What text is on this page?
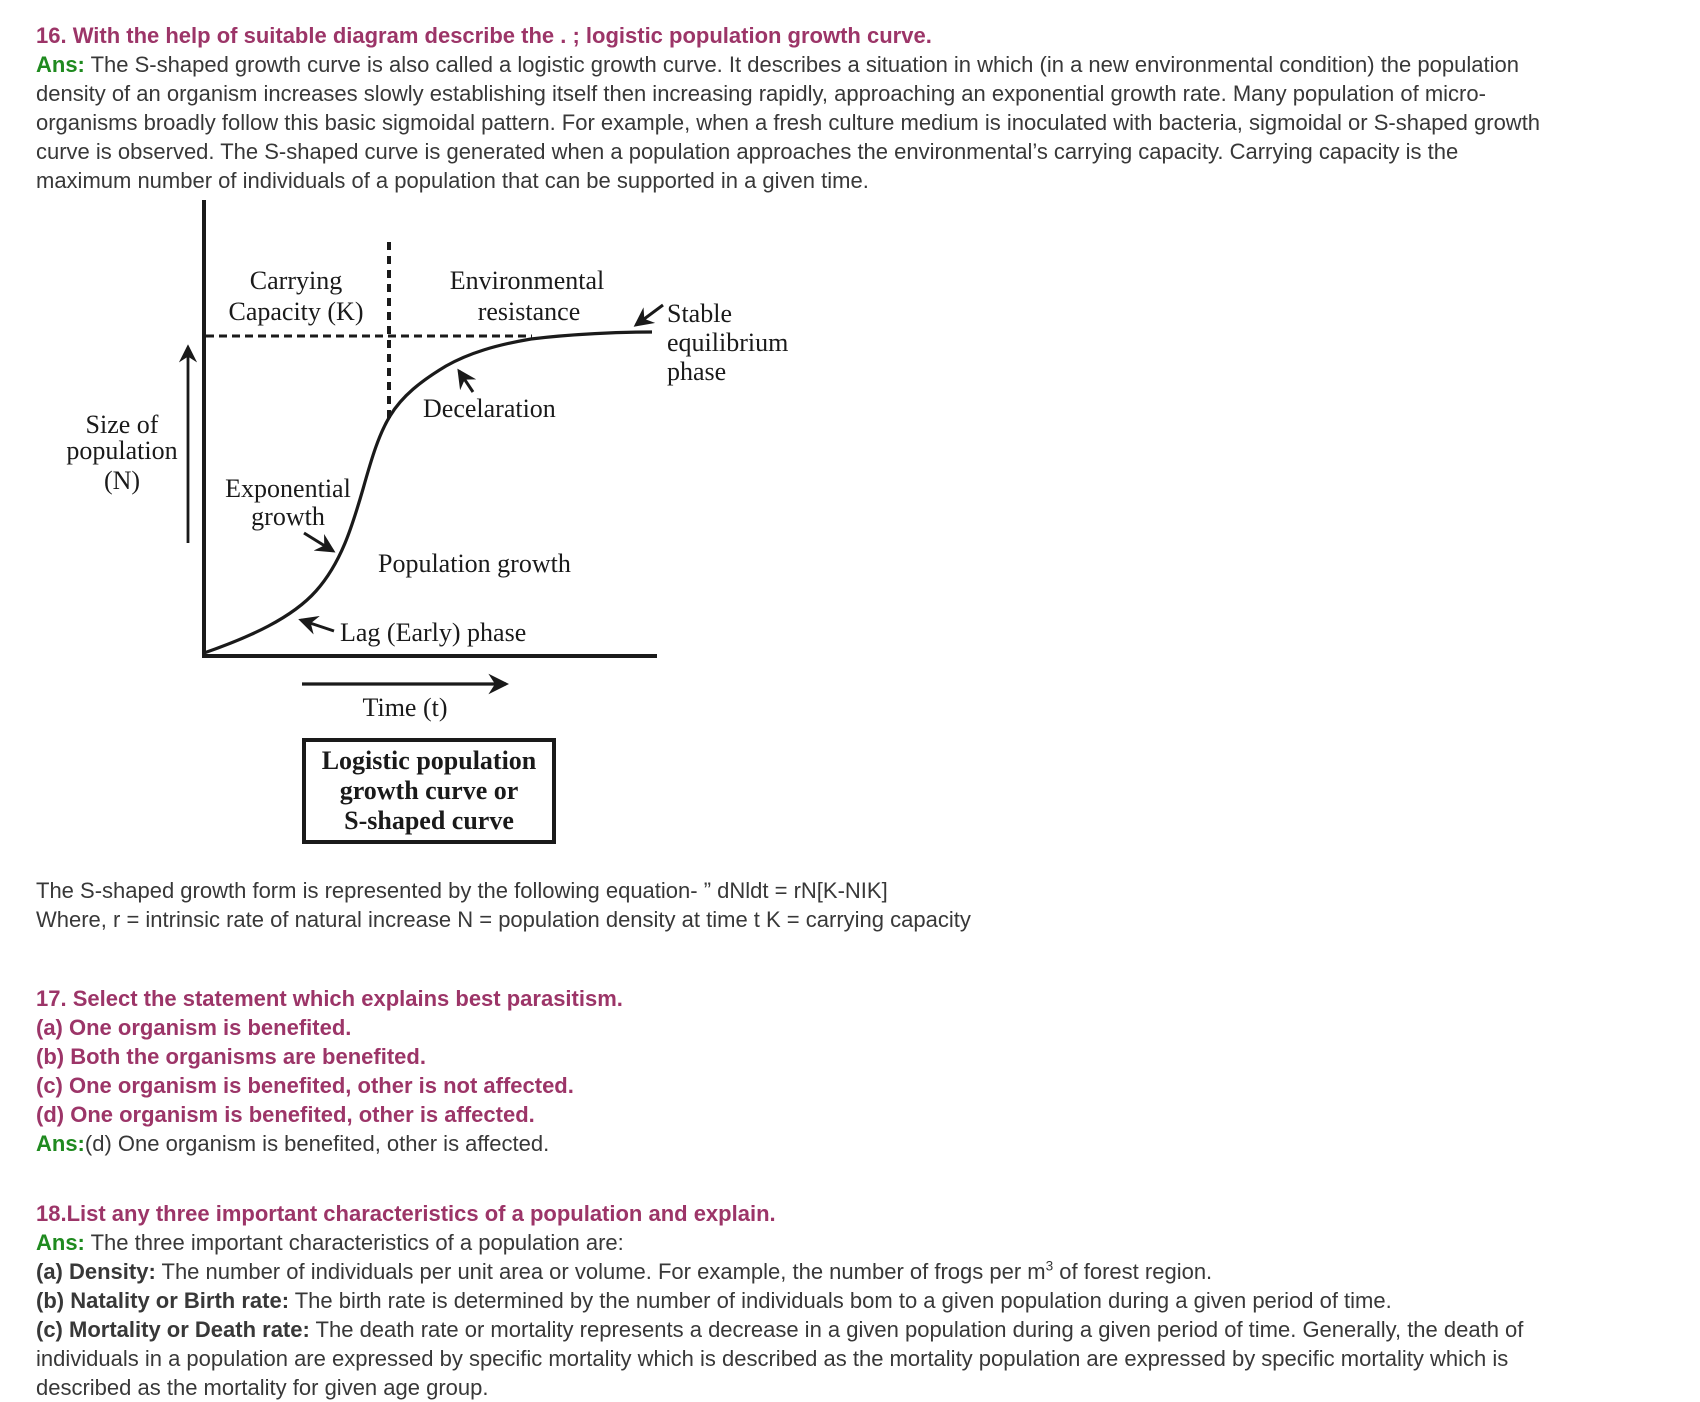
16. With the help of suitable diagram describe the . ; logistic population growth curve.

Ans: The S-shaped growth curve is also called a logistic growth curve. It describes a situation in which (in a new environmental condition) the population density of an organism increases slowly establishing itself then increasing rapidly, approaching an exponential growth rate. Many population of micro-organisms broadly follow this basic sigmoidal pattern. For example, when a fresh culture medium is inoculated with bacteria, sigmoidal or S-shaped growth curve is observed. The S-shaped curve is generated when a population approaches the environmental’s carrying capacity. Carrying capacity is the maximum number of individuals of a population that can be supported in a given time.

Carrying
Capacity (K)
Environmental
resistance	Stable
equilibrium
phase
Decelaration
Size of
population
(N)	Exponential
growth
Population growth
Lag (Early) phase
Time (t)
Logistic population
growth curve or
S-shaped curve

The S-shaped growth form is represented by the following equation- ” dNldt = rN[K-NIK]

Where, r = intrinsic rate of natural increase N = population density at time t K = carrying capacity

17. Select the statement which explains best parasitism.

(a) One organism is benefited.

(b) Both the organisms are benefited.

(c) One organism is benefited, other is not affected.

(d) One organism is benefited, other is affected.

Ans:(d) One organism is benefited, other is affected.

18.List any three important characteristics of a population and explain.

Ans: The three important characteristics of a population are:

(a) Density: The number of individuals per unit area or volume. For example, the number of frogs per $m^3$ of forest region.

(b) Natality or Birth rate: The birth rate is determined by the number of individuals bom to a given population during a given period of time.

(c) Mortality or Death rate: The death rate or mortality represents a decrease in a given population during a given period of time. Generally, the death of individuals in a population are expressed by specific mortality which is described as the mortality population are expressed by specific mortality which is described as the mortality for given age group.
